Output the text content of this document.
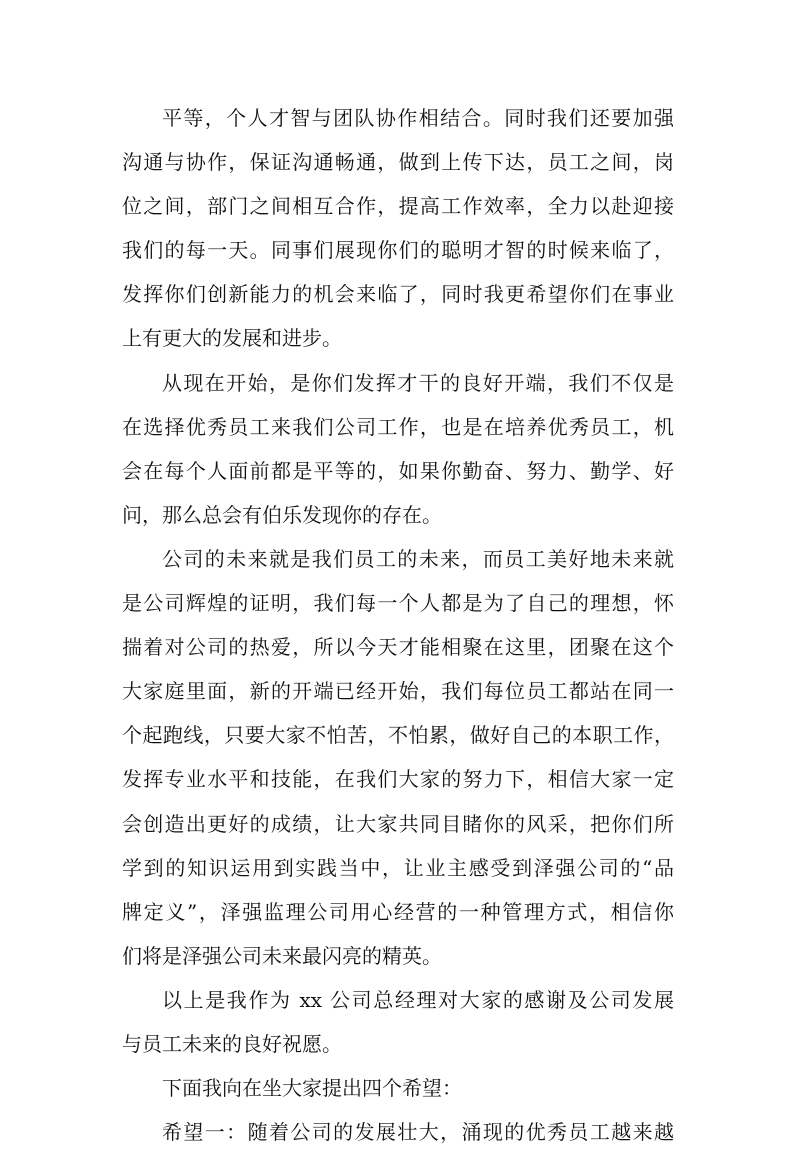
平等，个人才智与团队协作相结合。同时我们还要加强
沟通与协作，保证沟通畅通，做到上传下达，员工之间，岗
位之间，部门之间相互合作，提高工作效率，全力以赴迎接
我们的每一天。同事们展现你们的聪明才智的时候来临了，
发挥你们创新能力的机会来临了，同时我更希望你们在事业
上有更大的发展和进步。
从现在开始，是你们发挥才干的良好开端，我们不仅是
在选择优秀员工来我们公司工作，也是在培养优秀员工，机
会在每个人面前都是平等的，如果你勤奋、努力、勤学、好
问，那么总会有伯乐发现你的存在。
公司的未来就是我们员工的未来，而员工美好地未来就
是公司辉煌的证明，我们每一个人都是为了自己的理想，怀
揣着对公司的热爱，所以今天才能相聚在这里，团聚在这个
大家庭里面，新的开端已经开始，我们每位员工都站在同一
个起跑线，只要大家不怕苦，不怕累，做好自己的本职工作，
发挥专业水平和技能，在我们大家的努力下，相信大家一定
会创造出更好的成绩，让大家共同目睹你的风采，把你们所
学到的知识运用到实践当中，让业主感受到泽强公司的“品
牌定义”，泽强监理公司用心经营的一种管理方式，相信你
们将是泽强公司未来最闪亮的精英。
以上是我作为 xx 公司总经理对大家的感谢及公司发展
与员工未来的良好祝愿。
下面我向在坐大家提出四个希望：
希望一：随着公司的发展壮大，涌现的优秀员工越来越
